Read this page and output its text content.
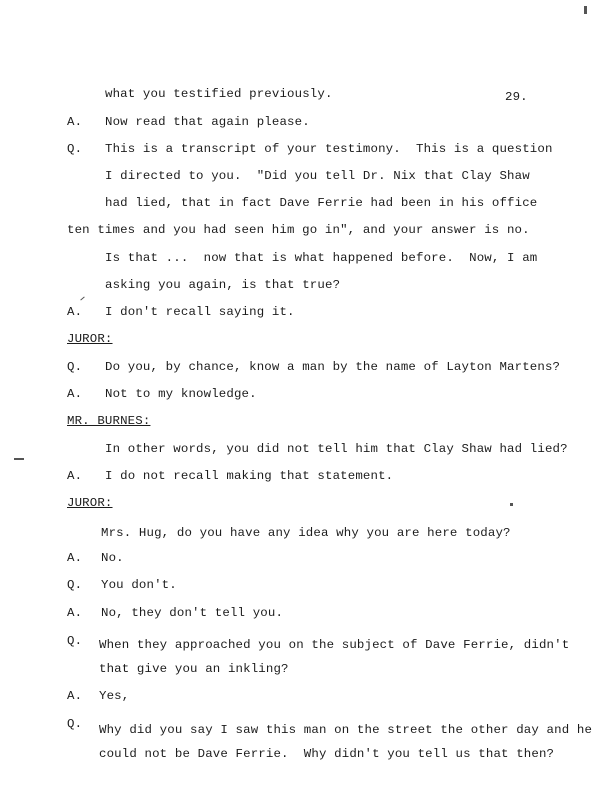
29.
what you testified previously.
A. Now read that again please.
Q. This is a transcript of your testimony.  This is a question
I directed to you.  "Did you tell Dr. Nix that Clay Shaw
had lied, that in fact Dave Ferrie had been in his office
ten times and you had seen him go in", and your answer is no.
Is that ...  now that is what happened before.  Now, I am
asking you again, is that true?
A. I don't recall saying it.
JUROR:
Q. Do you, by chance, know a man by the name of Layton Martens?
A. Not to my knowledge.
MR. BURNES:
In other words, you did not tell him that Clay Shaw had lied?
A. I do not recall making that statement.
JUROR:
Mrs. Hug, do you have any idea why you are here today?
A. No.
Q. You don't.
A. No, they don't tell you.
Q. When they approached you on the subject of Dave Ferrie, didn't
that give you an inkling?
A. Yes,
Q. Why did you say I saw this man on the street the other day and he
could not be Dave Ferrie.  Why didn't you tell us that then?
